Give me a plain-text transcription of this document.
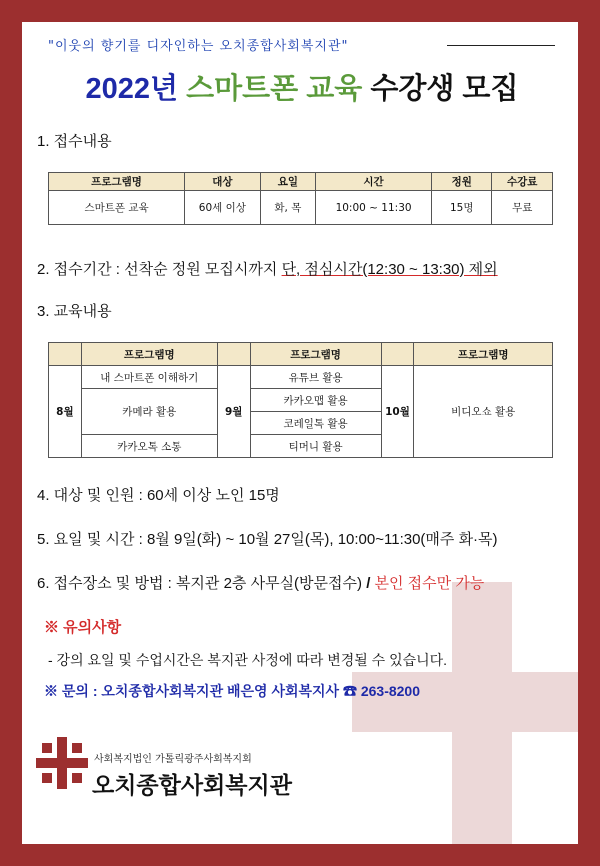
"이웃의 향기를 디자인하는 오치종합사회복지관"
2022년 스마트폰 교육 수강생 모집
1. 접수내용
프로그램명	대상	요일	시간	정원	수강료
스마트폰 교육	60세 이상	화, 목	10:00 ~ 11:30	15명	무료
2. 접수기간 : 선착순 정원 모집시까지 단, 점심시간(12:30 ~ 13:30) 제외
3. 교육내용
	프로그램명		프로그램명		프로그램명
8월	내 스마트폰 이해하기	9월	유튜브 활용	10월	비디오쇼 활용
	카메라 활용		카카오맵 활용		
			코레일톡 활용		
	카카오톡 소통		티머니 활용		
4. 대상 및 인원 : 60세 이상 노인 15명
5. 요일 및 시간 : 8월 9일(화) ~ 10월 27일(목), 10:00~11:30(매주 화·목)
6. 접수장소 및 방법 : 복지관 2층 사무실(방문접수) / 본인 접수만 가능
※ 유의사항
- 강의 요일 및 수업시간은 복지관 사정에 따라 변경될 수 있습니다.
※ 문의 : 오치종합사회복지관 배은영 사회복지사 ☎ 263-8200
사회복지법인 가톨릭광주사회복지회
오치종합사회복지관
